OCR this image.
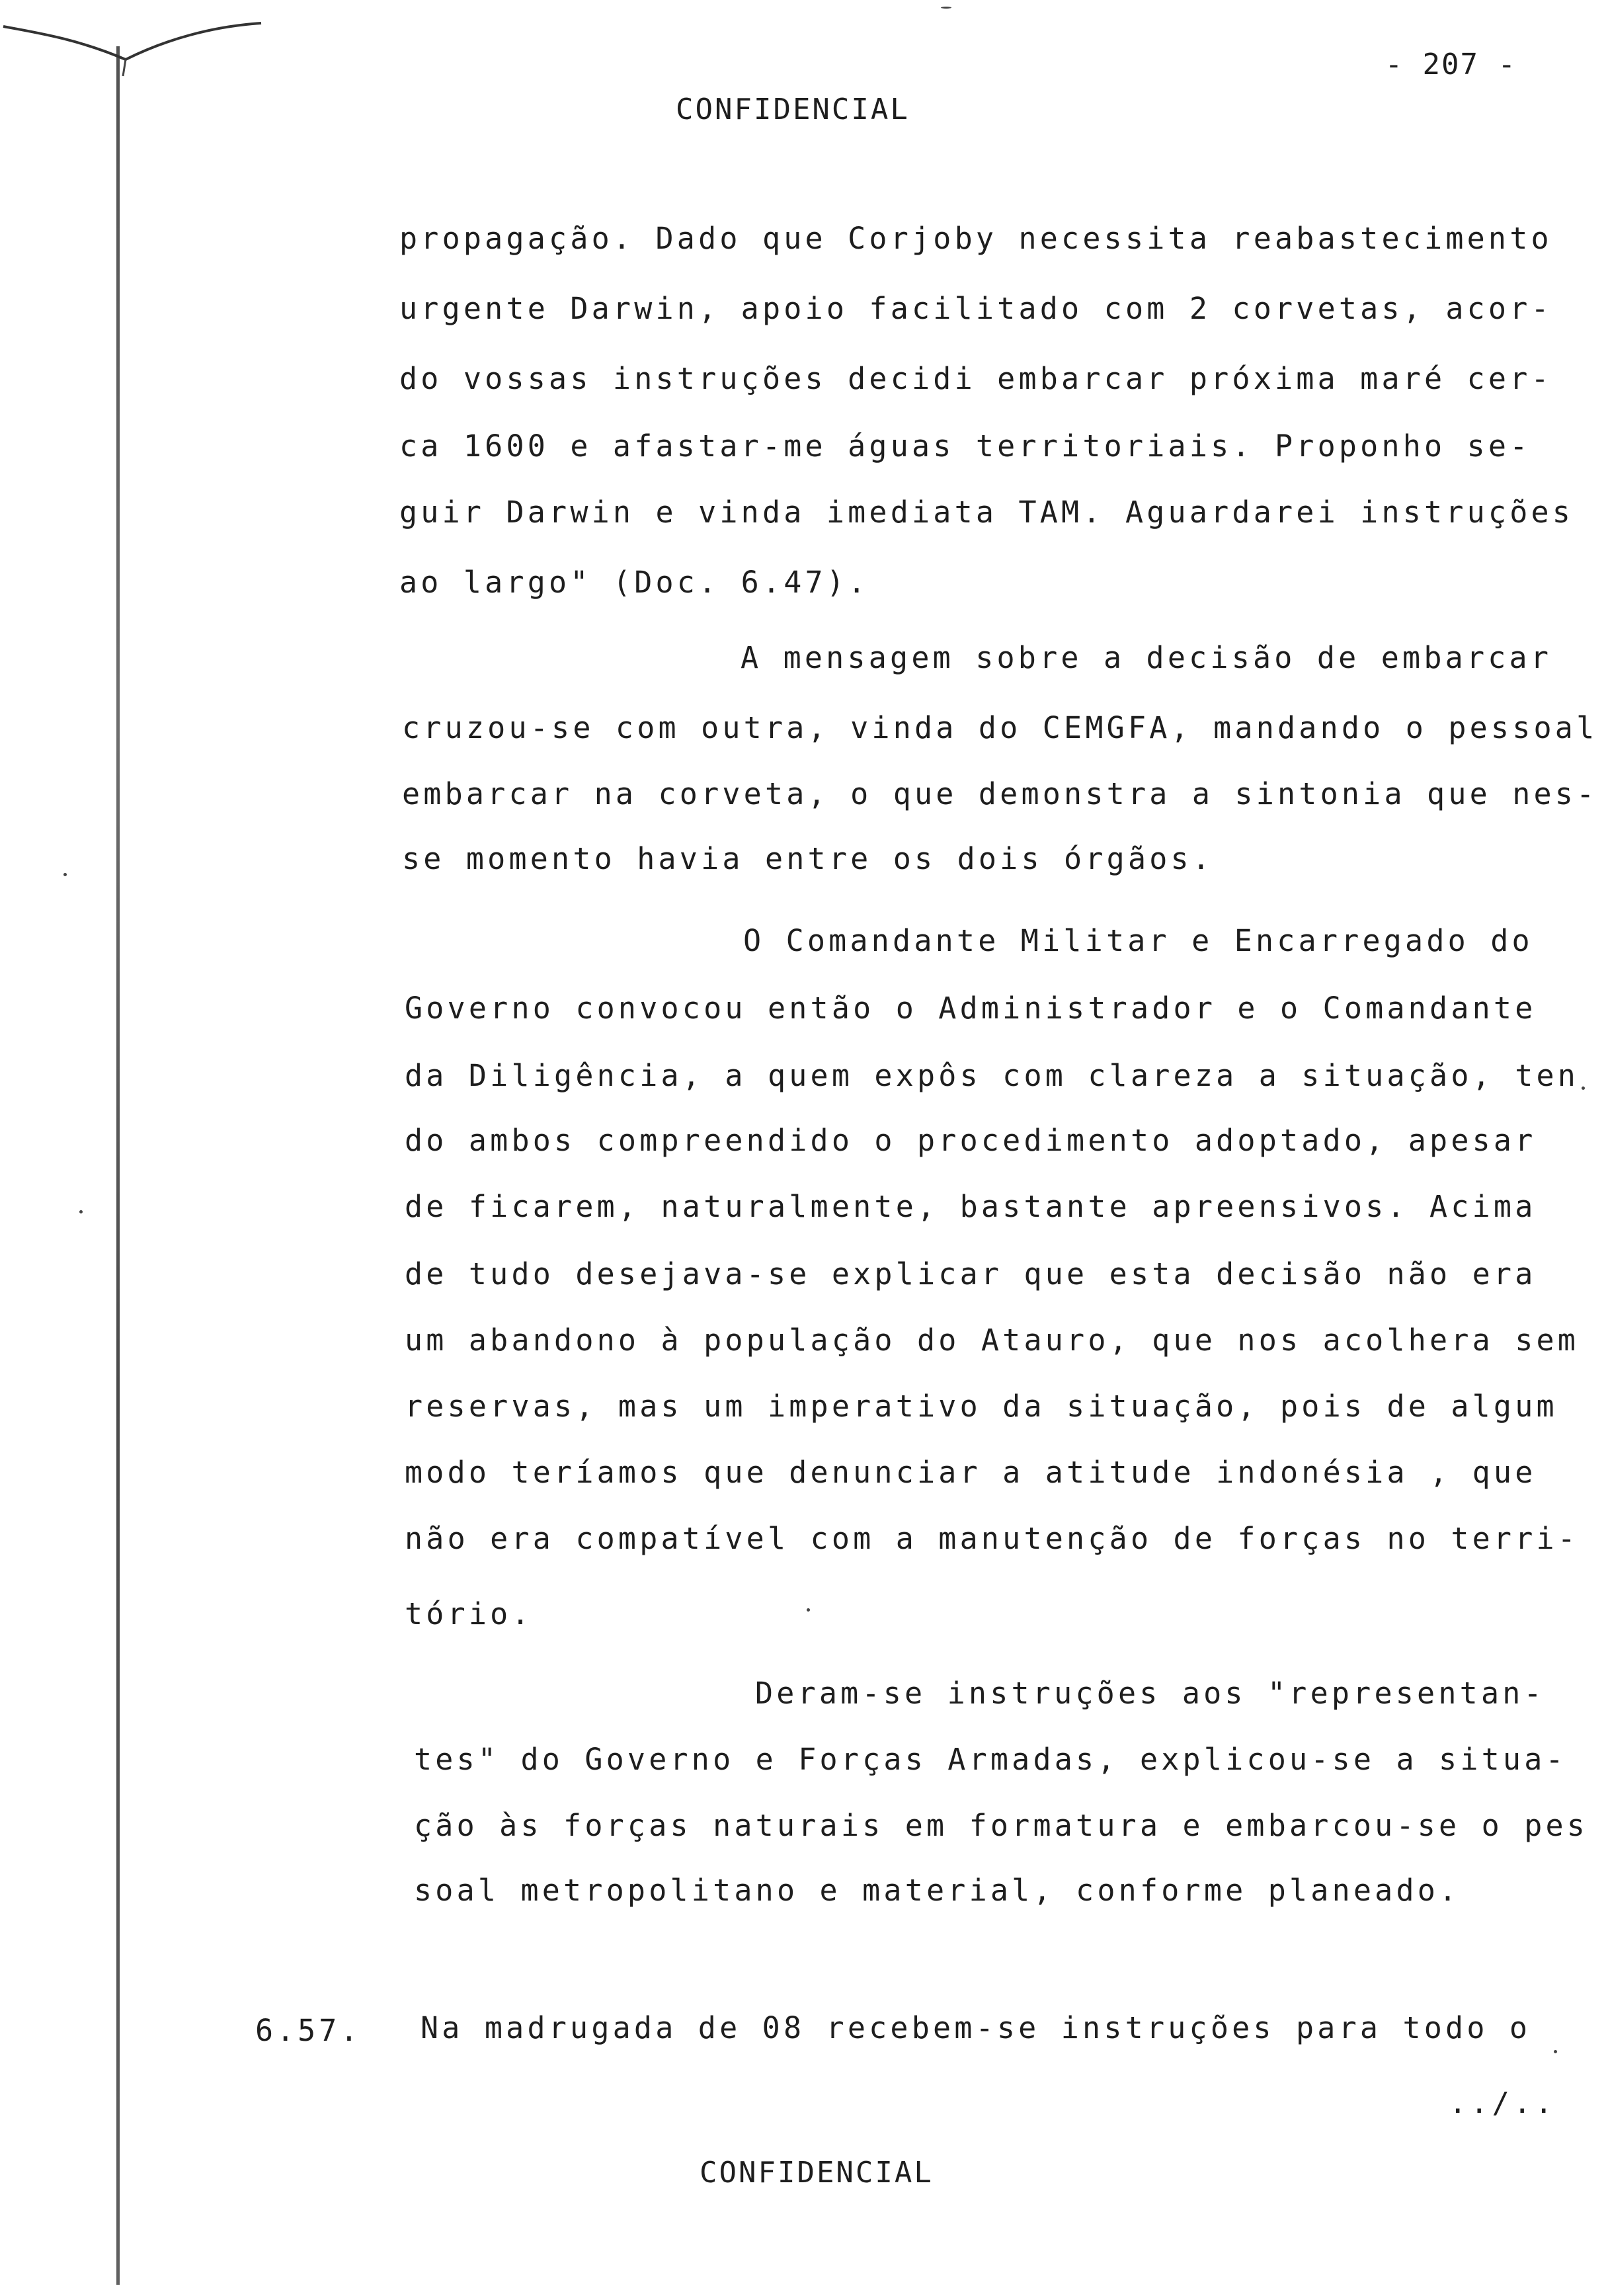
- 207 -
CONFIDENCIAL
propagação. Dado que Corjoby necessita reabastecimento
urgente Darwin, apoio facilitado com 2 corvetas, acor-
do vossas instruções decidi embarcar próxima maré cer-
ca 1600 e afastar-me águas territoriais. Proponho se-
guir Darwin e vinda imediata TAM. Aguardarei instruções
ao largo" (Doc. 6.47).
A mensagem sobre a decisão de embarcar
cruzou-se com outra, vinda do CEMGFA, mandando o pessoal
embarcar na corveta, o que demonstra a sintonia que nes-
se momento havia entre os dois órgãos.
O Comandante Militar e Encarregado do
Governo convocou então o Administrador e o Comandante
da Diligência, a quem expôs com clareza a situação, ten
do ambos compreendido o procedimento adoptado, apesar
de ficarem, naturalmente, bastante apreensivos. Acima
de tudo desejava-se explicar que esta decisão não era
um abandono à população do Atauro, que nos acolhera sem
reservas, mas um imperativo da situação, pois de algum
modo teríamos que denunciar a atitude indonésia , que
não era compatível com a manutenção de forças no terri-
tório.
Deram-se instruções aos "representan-
tes" do Governo e Forças Armadas, explicou-se a situa-
ção às forças naturais em formatura e embarcou-se o pes
soal metropolitano e material, conforme planeado.
6.57. Na madrugada de 08 recebem-se instruções para todo o
../..
CONFIDENCIAL
